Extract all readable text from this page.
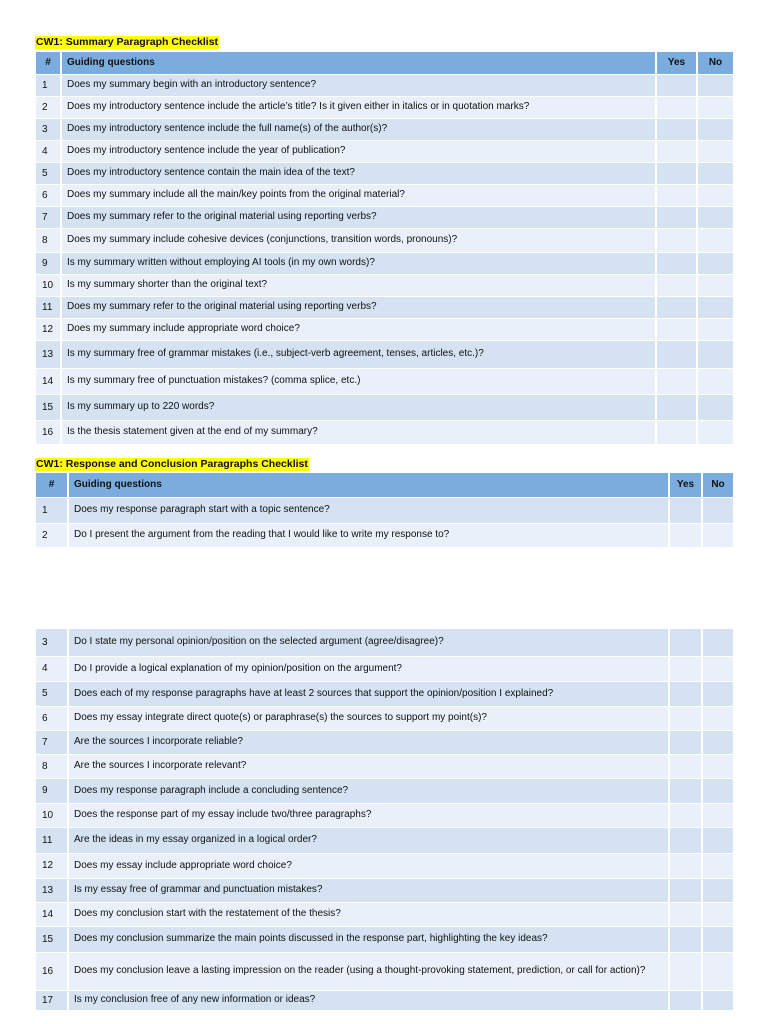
CW1: Summary Paragraph Checklist
#	Guiding questions	Yes	No
1	Does my summary begin with an introductory sentence?		
2	Does my introductory sentence include the article’s title? Is it given either in italics or in quotation marks?		
3	Does my introductory sentence include the full name(s) of the author(s)?		
4	Does my introductory sentence include the year of publication?		
5	Does my introductory sentence contain the main idea of the text?		
6	Does my summary include all the main/key points from the original material?		
7	Does my summary refer to the original material using reporting verbs?		
8	Does my summary include cohesive devices (conjunctions, transition words, pronouns)?		
9	Is my summary written without employing AI tools (in my own words)?		
10	Is my summary shorter than the original text?		
11	Does my summary refer to the original material using reporting verbs?		
12	Does my summary include appropriate word choice?		
13	Is my summary free of grammar mistakes (i.e., subject-verb agreement, tenses, articles, etc.)?		
14	Is my summary free of punctuation mistakes? (comma splice, etc.)		
15	Is my summary up to 220 words?		
16	Is the thesis statement given at the end of my summary?		
CW1: Response and Conclusion Paragraphs Checklist
#	Guiding questions	Yes	No
1	Does my response paragraph start with a topic sentence?		
2	Do I present the argument from the reading that I would like to write my response to?		
3	Do I state my personal opinion/position on the selected argument (agree/disagree)?		
4	Do I provide a logical explanation of my opinion/position on the argument?		
5	Does each of my response paragraphs have at least 2 sources that support the opinion/position I explained?		
6	Does my essay integrate direct quote(s) or paraphrase(s) the sources to support my point(s)?		
7	Are the sources I incorporate reliable?		
8	Are the sources I incorporate relevant?		
9	Does my response paragraph include a concluding sentence?		
10	Does the response part of my essay include two/three paragraphs?		
11	Are the ideas in my essay organized in a logical order?		
12	Does my essay include appropriate word choice?		
13	Is my essay free of grammar and punctuation mistakes?		
14	Does my conclusion start with the restatement of the thesis?		
15	Does my conclusion summarize the main points discussed in the response part, highlighting the key ideas?		
16	Does my conclusion leave a lasting impression on the reader (using a thought-provoking statement, prediction, or call for action)?		
17	Is my conclusion free of any new information or ideas?		
